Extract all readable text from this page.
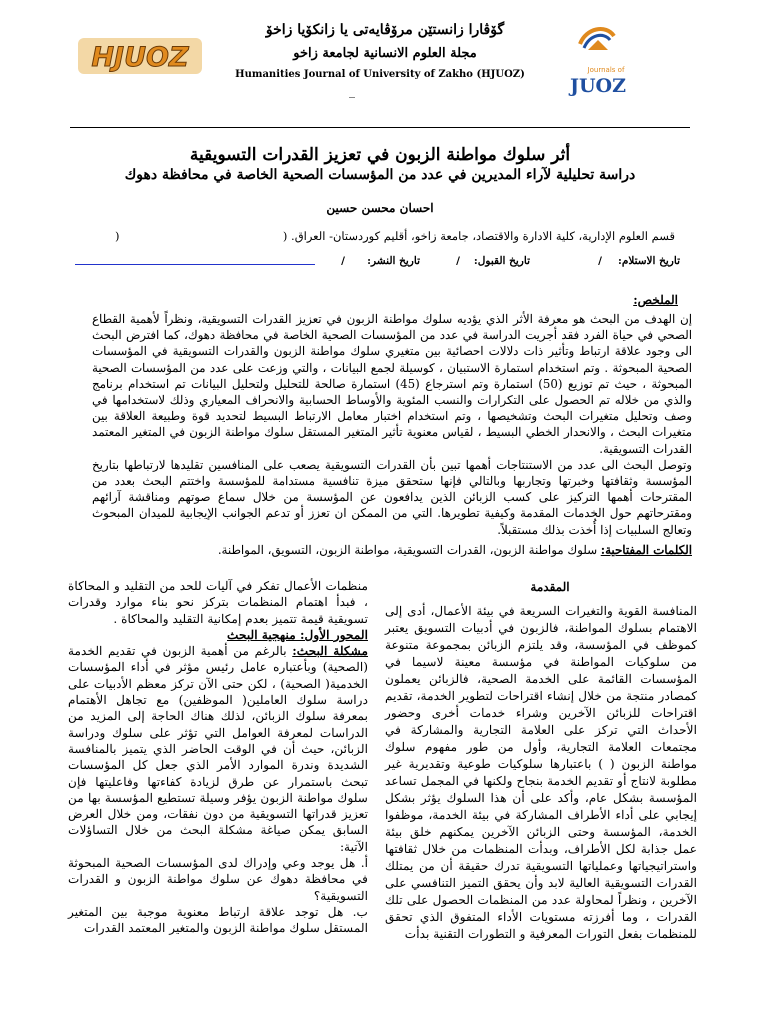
HJUOZ	Journals of
JUOZ
گۆڤارا زانستێن مرۆڤایەتی یا زانکۆیا زاخۆ
مجلة العلوم الانسانية لجامعة زاخو
Humanities Journal of University of Zakho (HJUOZ)
_
أثر سلوك مواطنة الزبون في تعزيز القدرات التسويقية
دراسة تحليلية لآراء المديرين في عدد من المؤسسات الصحية الخاصة في محافظة دهوك
احسان محسن حسين
)	قسم العلوم الإدارية، كلية الادارة والاقتصاد، جامعة زاخو، أقليم كوردستان- العراق. (
تاريخ الاستلام:
/
تاريخ القبول:
/
تاريخ النشر:
/
الملخص:

إن الهدف من البحث هو معرفة الأثر الذي يؤديه سلوك مواطنة الزبون في تعزيز القدرات التسويقية، ونظراً لأهمية القطاع الصحي في حياة الفرد فقد أجريت الدراسة في عدد من المؤسسات الصحية الخاصة في محافظة دهوك، كما افترض البحث الى وجود علاقة ارتباط وتأثير ذات دلالات احصائية بين متغيري سلوك مواطنة الزبون والقدرات التسويقية في المؤسسات الصحية المبحوثة . وتم استخدام استمارة الاستبيان ، كوسيلة لجمع البيانات ، والتي وزعت على عدد من المؤسسات الصحية المبحوثة ، حيث تم توزيع (50) استمارة وتم استرجاع (45) استمارة صالحة للتحليل ولتحليل البيانات تم استخدام برنامج والذي من خلاله تم الحصول على التكرارات والنسب المئوية والأوساط الحسابية والانحراف المعياري وذلك لاستخدامها في وصف وتحليل متغيرات البحث وتشخيصها ، وتم استخدام اختبار معامل الارتباط البسيط لتحديد قوة وطبيعة العلاقة بين متغيرات البحث ، والانحدار الخطي البسيط ، لقياس معنوية تأثير المتغير المستقل سلوك مواطنة الزبون في المتغير المعتمد القدرات التسويقية.

وتوصل البحث الى عدد من الاستنتاجات أهمها تبين بأن القدرات التسويقية يصعب على المنافسين تقليدها لارتباطها بتاريخ المؤسسة وثقافتها وخبرتها وتجاربها وبالتالي فإنها ستحقق ميزة تنافسية مستدامة للمؤسسة واختتم البحث بعدد من المقترحات أهمها التركيز على كسب الزبائن الذين يدافعون عن المؤسسة من خلال سماع صوتهم ومناقشة آرائهم ومقترحاتهم حول الخدمات المقدمة وكيفية تطويرها. التي من الممكن ان تعزز أو تدعم الجوانب الإيجابية للميدان المبحوث وتعالج السلبيات إذا أُخذت بذلك مستقبلاً.

الكلمات المفتاحية: سلوك مواطنة الزبون، القدرات التسويقية، مواطنة الزبون، التسويق، المواطنة.
المقدمة

المنافسة القوية والتغيرات السريعة في بيئة الأعمال، أدى إلى الاهتمام بسلوك المواطنة، فالزبون في أدبيات التسويق يعتبر كموظف في المؤسسة، وقد يلتزم الزبائن بمجموعة متنوعة من سلوكيات المواطنة في مؤسسة معينة لاسيما في المؤسسات القائمة على الخدمة الصحية، فالزبائن يعملون كمصادر منتجة من خلال إنشاء اقتراحات لتطوير الخدمة، تقديم اقتراحات للزبائن الآخرين وشراء خدمات أخرى وحضور الأحداث التي تركز على العلامة التجارية والمشاركة في مجتمعات العلامة التجارية، وأول من طور مفهوم سلوك مواطنة الزبون ( ) باعتبارها سلوكيات طوعية وتقديرية غير مطلوبة لانتاج أو تقديم الخدمة بنجاح ولكنها في المجمل تساعد المؤسسة بشكل عام، وأكد على أن هذا السلوك يؤثر بشكل إيجابي على أداء الأطراف المشاركة في بيئة الخدمة، موظفوا الخدمة، المؤسسة وحتى الزبائن الآخرين يمكنهم خلق بيئة عمل جذابة لكل الأطراف، وبدأت المنظمات من خلال ثقافتها واستراتيجياتها وعملياتها التسويقية تدرك حقيقة أن من يمتلك القدرات التسويقية العالية لابد وأن يحقق التميز التنافسي على الآخرين ، ونظراً لمحاولة عدد من المنظمات الحصول على تلك القدرات ، وما أفرزته مستويات الأداء المتفوق الذي تحقق للمنظمات بفعل التورات المعرفية و التطورات التقنية بدأت

منظمات الأعمال تفكر في آليات للحد من التقليد و المحاكاة ، فبدأ اهتمام المنظمات بتركز نحو بناء موارد وقدرات تسويقية قيمة تتميز بعدم إمكانية التقليد والمحاكاة .

المحور الأول: منهجية البحث

مشكلة البحث: بالرغم من أهمية الزبون في تقديم الخدمة (الصحية) وبأعتباره عامل رئيس مؤثر في أداء المؤسسات الخدمية( الصحية) ، لكن حتى الآن تركز معظم الأدبيات على دراسة سلوك العاملين( الموظفين) مع تجاهل الأهتمام بمعرفة سلوك الزبائن، لذلك هناك الحاجة إلى المزيد من الدراسات لمعرفة العوامل التي تؤثر على سلوك ودراسة الزبائن، حيث أن في الوقت الحاضر الذي يتميز بالمنافسة الشديدة وندرة الموارد الأمر الذي جعل كل المؤسسات تبحث باستمرار عن طرق لزيادة كفاءتها وفاعليتها فإن سلوك مواطنة الزبون يؤفر وسيلة تستطيع المؤسسة بها من تعزيز قدراتها التسويقية من دون نفقات، ومن خلال العرض السابق يمكن صياغة مشكلة البحث من خلال التساؤلات الآتية:

أ. هل يوجد وعي وإدراك لدى المؤسسات الصحية المبحوثة في محافظة دهوك عن سلوك مواطنة الزبون و القدرات التسويقية؟

ب. هل توجد علاقة ارتباط معنوية موجبة بين المتغير المستقل سلوك مواطنة الزبون والمتغير المعتمد القدرات
